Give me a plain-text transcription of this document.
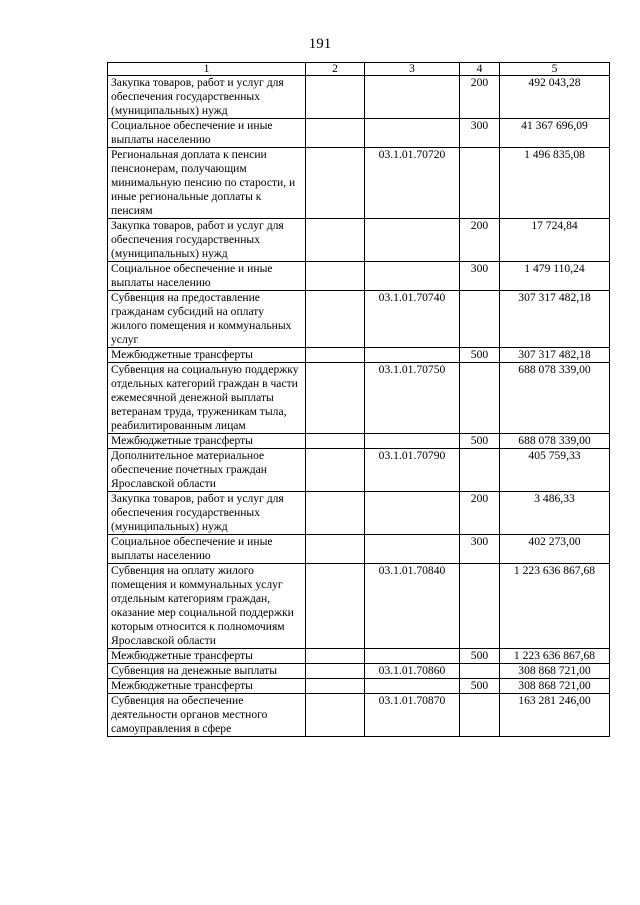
191
1	2	3	4	5
Закупка товаров, работ и услуг для обеспечения государственных (муниципальных) нужд			200	492 043,28
Социальное обеспечение и иные выплаты населению			300	41 367 696,09
Региональная доплата к пенсии пенсионерам, получающим минимальную пенсию по старости, и иные региональные доплаты к пенсиям		03.1.01.70720		1 496 835,08
Закупка товаров, работ и услуг для обеспечения государственных (муниципальных) нужд			200	17 724,84
Социальное обеспечение и иные выплаты населению			300	1 479 110,24
Субвенция на предоставление гражданам субсидий на оплату жилого помещения и коммунальных услуг		03.1.01.70740		307 317 482,18
Межбюджетные трансферты			500	307 317 482,18
Субвенция на социальную поддержку отдельных категорий граждан в части ежемесячной денежной выплаты ветеранам труда, труженикам тыла, реабилитированным лицам		03.1.01.70750		688 078 339,00
Межбюджетные трансферты			500	688 078 339,00
Дополнительное материальное обеспечение почетных граждан Ярославской области		03.1.01.70790		405 759,33
Закупка товаров, работ и услуг для обеспечения государственных (муниципальных) нужд			200	3 486,33
Социальное обеспечение и иные выплаты населению			300	402 273,00
Субвенция на оплату жилого помещения и коммунальных услуг отдельным категориям граждан, оказание мер социальной поддержки которым относится к полномочиям Ярославской области		03.1.01.70840		1 223 636 867,68
Межбюджетные трансферты			500	1 223 636 867,68
Субвенция на денежные выплаты		03.1.01.70860		308 868 721,00
Межбюджетные трансферты			500	308 868 721,00
Субвенция на обеспечение деятельности органов местного самоуправления в сфере		03.1.01.70870		163 281 246,00
